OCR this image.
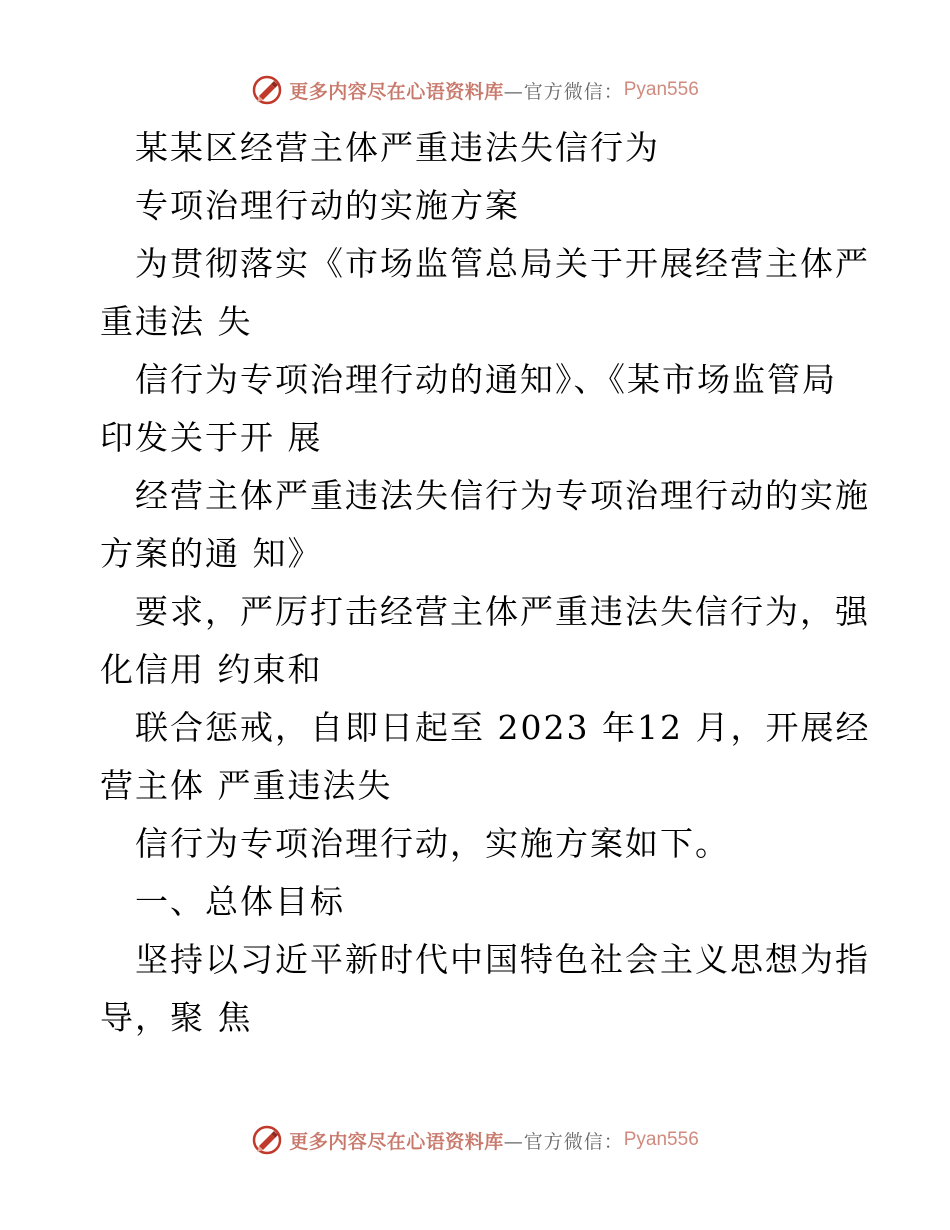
更多内容尽在心语资料库 —官方微信： Pyan556
某某区经营主体严重违法失信行为
专项治理行动的实施方案
为贯彻落实《市场监管总局关于开展经营主体严
重违法 失
信行为专项治理行动的通知》、《某市场监管局
印发关于开 展
经营主体严重违法失信行为专项治理行动的实施
方案的通 知》
要求，严厉打击经营主体严重违法失信行为，强
化信用 约束和
联合惩戒，自即日起至 2023 年12 月，开展经
营主体 严重违法失
信行为专项治理行动，实施方案如下。
一、总体目标
坚持以习近平新时代中国特色社会主义思想为指
导，聚 焦
更多内容尽在心语资料库 —官方微信： Pyan556
